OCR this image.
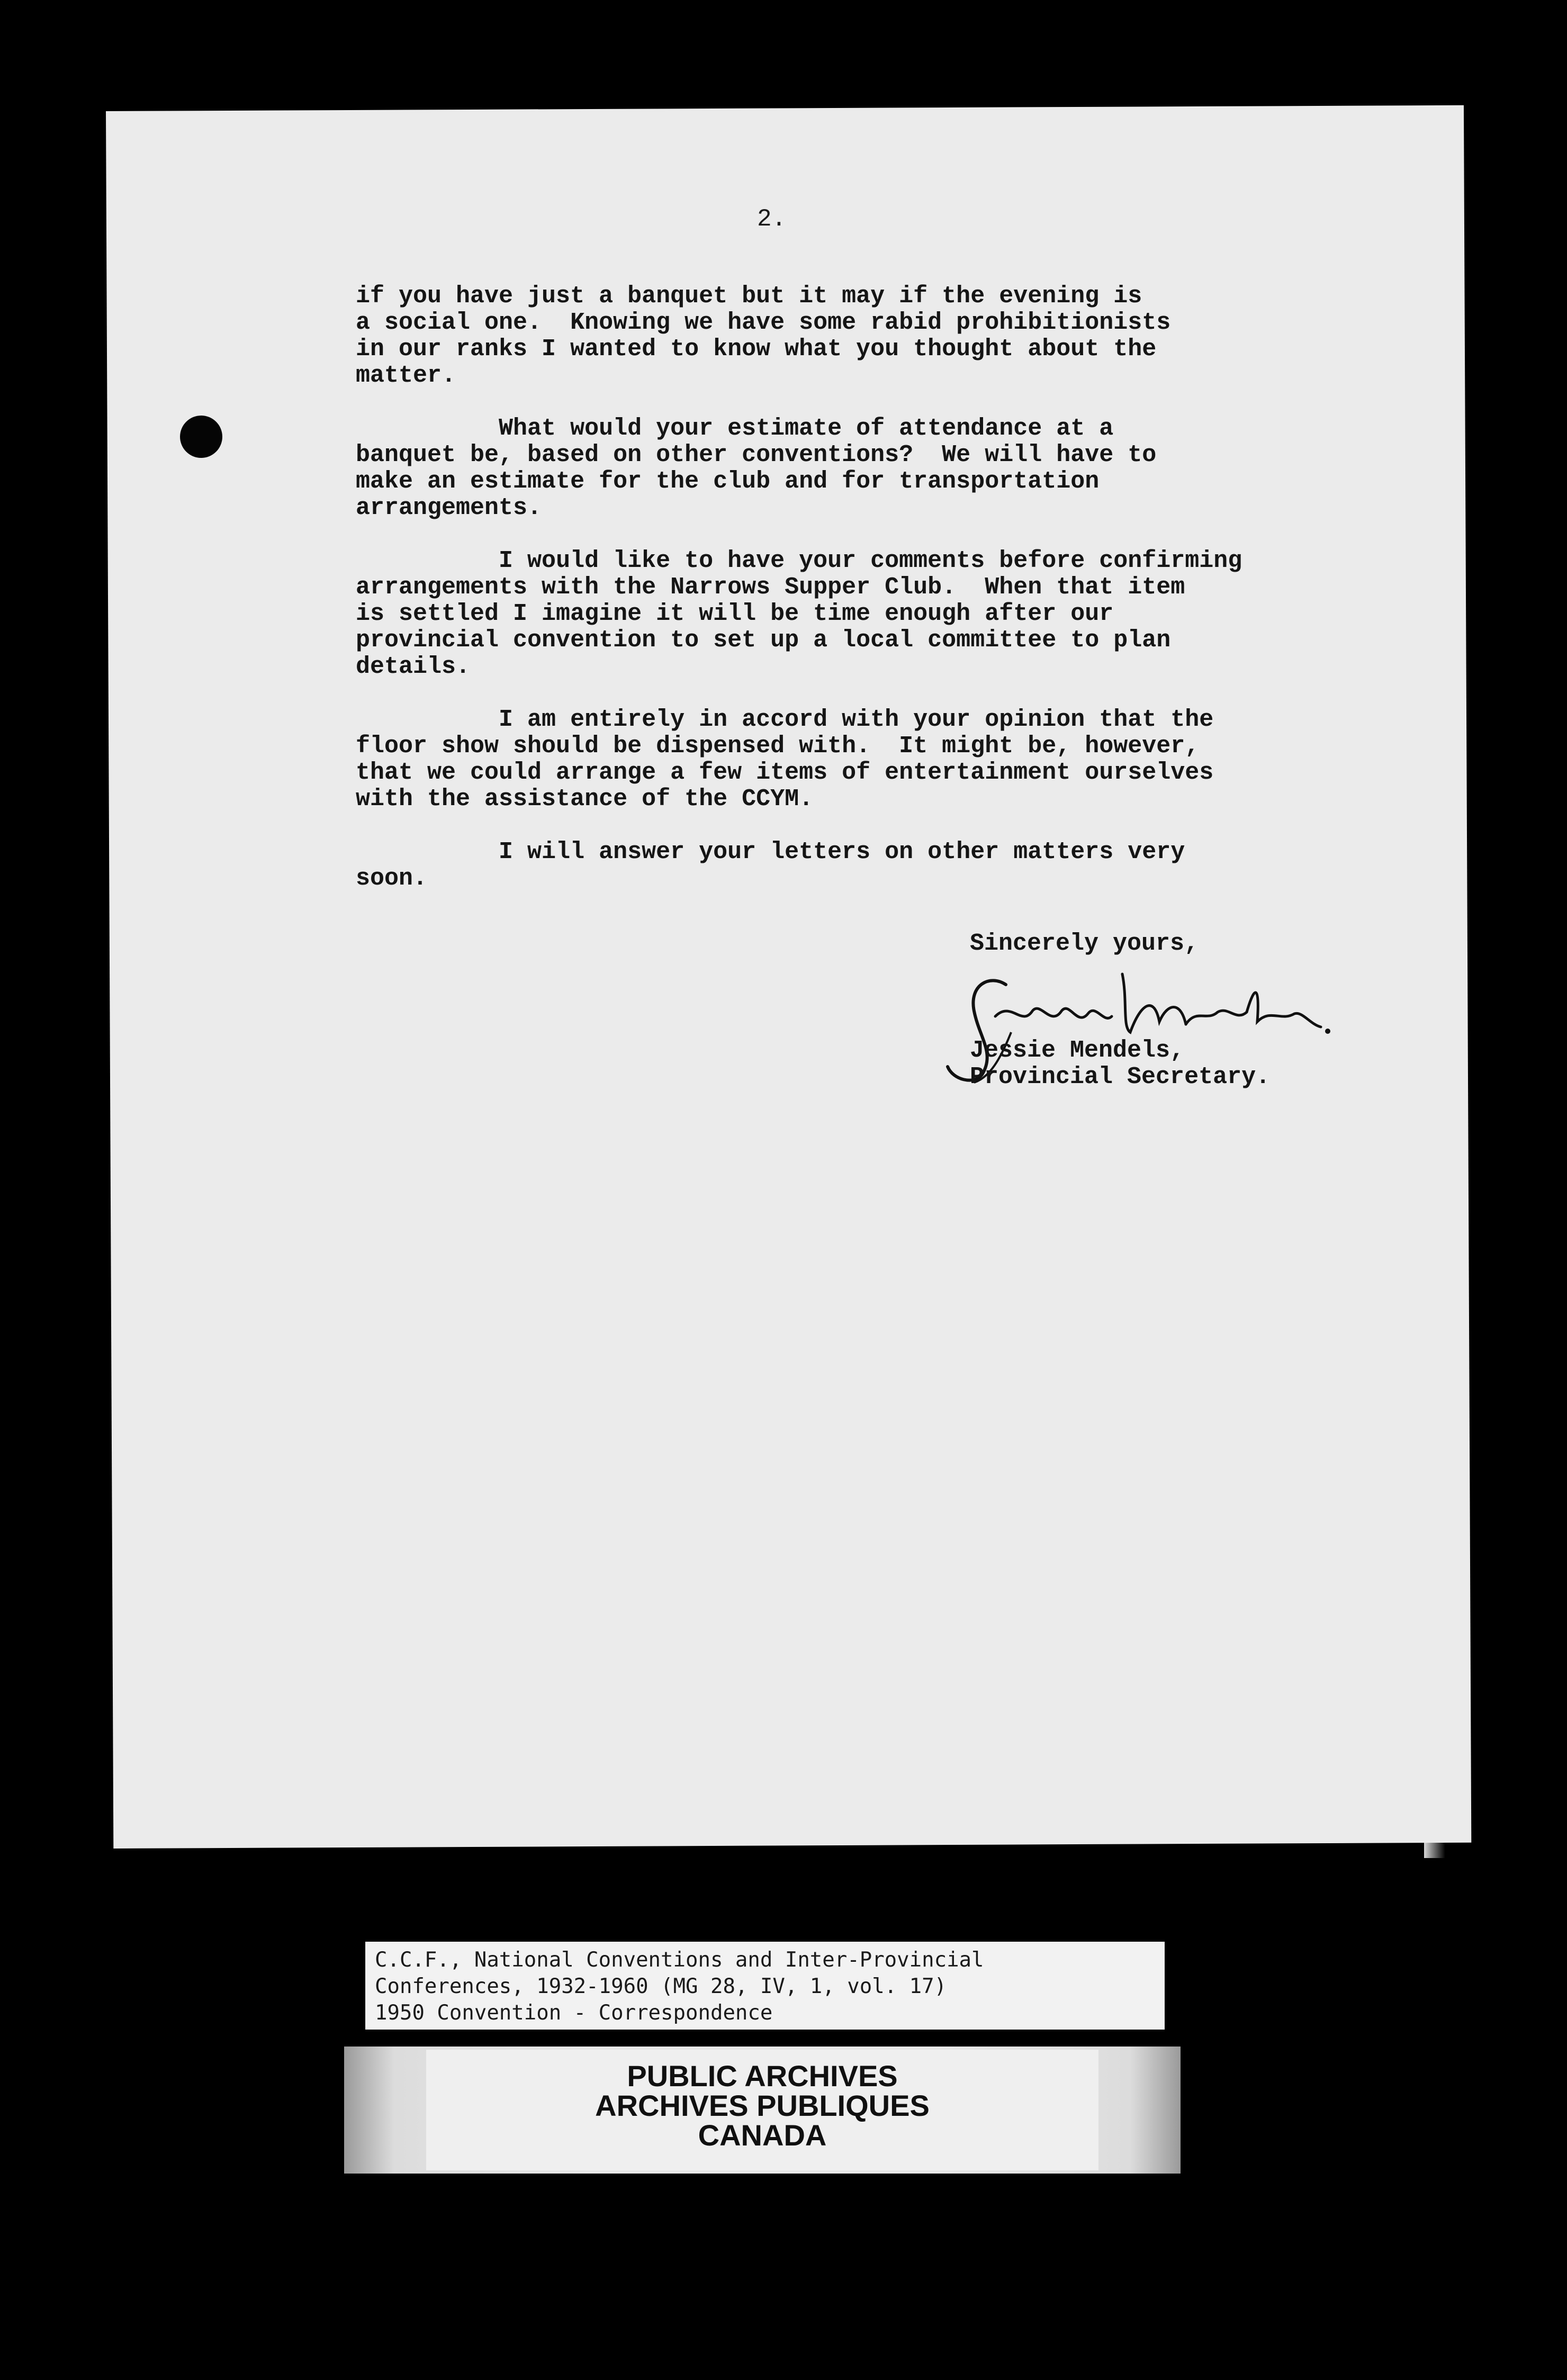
2.

if you have just a banquet but it may if the evening is
a social one.  Knowing we have some rabid prohibitionists
in our ranks I wanted to know what you thought about the
matter.

What would your estimate of attendance at a
banquet be, based on other conventions?  We will have to
make an estimate for the club and for transportation
arrangements.

I would like to have your comments before confirming
arrangements with the Narrows Supper Club.  When that item
is settled I imagine it will be time enough after our
provincial convention to set up a local committee to plan
details.

I am entirely in accord with your opinion that the
floor show should be dispensed with.  It might be, however,
that we could arrange a few items of entertainment ourselves
with the assistance of the CCYM.

I will answer your letters on other matters very
soon.

Sincerely yours,
Jessie Mendels,
Provincial Secretary.
C.C.F., National Conventions and Inter-Provincial
Conferences, 1932-1960 (MG 28, IV, 1, vol. 17)
1950 Convention - Correspondence
PUBLIC ARCHIVES
ARCHIVES PUBLIQUES
CANADA
